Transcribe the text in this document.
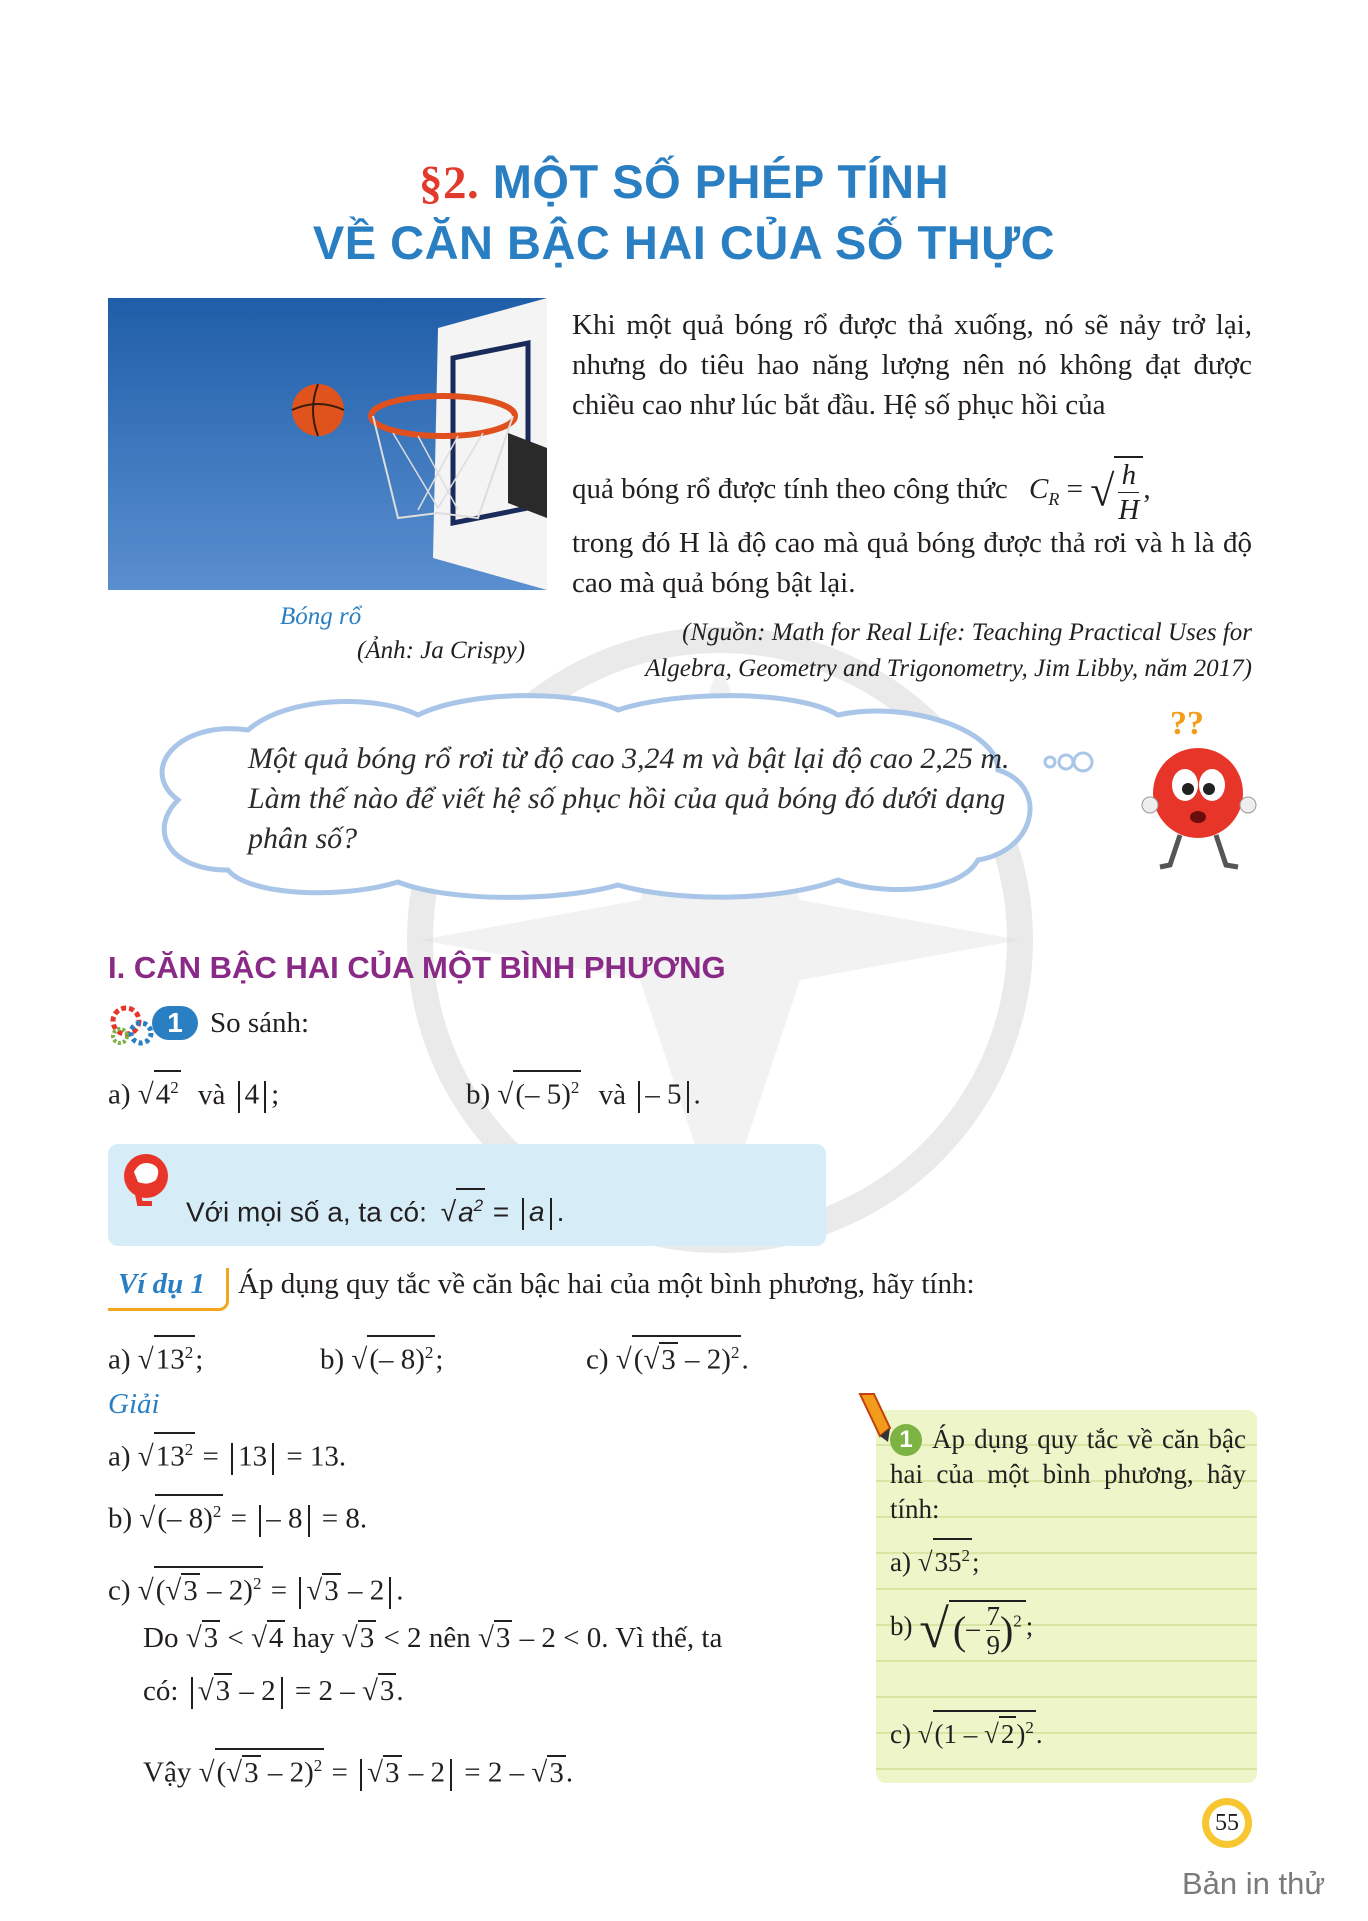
§2. MỘT SỐ PHÉP TÍNH
VỀ CĂN BẬC HAI CỦA SỐ THỰC
Bóng rổ
(Ảnh: Ja Crispy)
Khi một quả bóng rổ được thả xuống, nó sẽ nảy trở lại, nhưng do tiêu hao năng lượng nên nó không đạt được chiều cao như lúc bắt đầu. Hệ số phục hồi của
quả bóng rổ được tính theo công thức $C_R$ = √ $\frac{h}{H}$ ,
trong đó H là độ cao mà quả bóng được thả rơi và h là độ cao mà quả bóng bật lại.
(Nguồn: Math for Real Life: Teaching Practical Uses for
Algebra, Geometry and Trigonometry, Jim Libby, năm 2017)
Một quả bóng rổ rơi từ độ cao 3,24 m và bật lại độ cao 2,25 m. Làm thế nào để viết hệ số phục hồi của quả bóng đó dưới dạng phân số?
??
I. CĂN BẬC HAI CỦA MỘT BÌNH PHƯƠNG
1 So sánh:
a) $√4^2$ và 4 ;	b) √(– 5)$^2$ và – 5 .
Với mọi số a, ta có: $√a^2 = a$ .
Ví dụ 1 Áp dụng quy tắc về căn bậc hai của một bình phương, hãy tính:
a) $√13^2$;	b) √(– 8)$^2$;	c) √(√3 – 2)$^2$.
Giải
a) $√13^2 = 13 = 13$.
b) √(– 8)$^2$ = – 8 = 8.
c) √(√3 – 2)$^2$ = √3 – 2 .
Do √3 < √4 hay √3 < 2 nên √3 – 2 < 0. Vì thế, ta
có: √3 – 2 = 2 – √3.
Vậy √(√3 – 2)$^2$ = √3 – 2 = 2 – √3.
1 Áp dụng quy tắc về căn bậc hai của một bình phương, hãy tính:
a) $√35^2$;
b) √ (– $\frac{7}{9} )^2$ ;
c) √(1 – √2)$^2$.
55
Bản in thử
